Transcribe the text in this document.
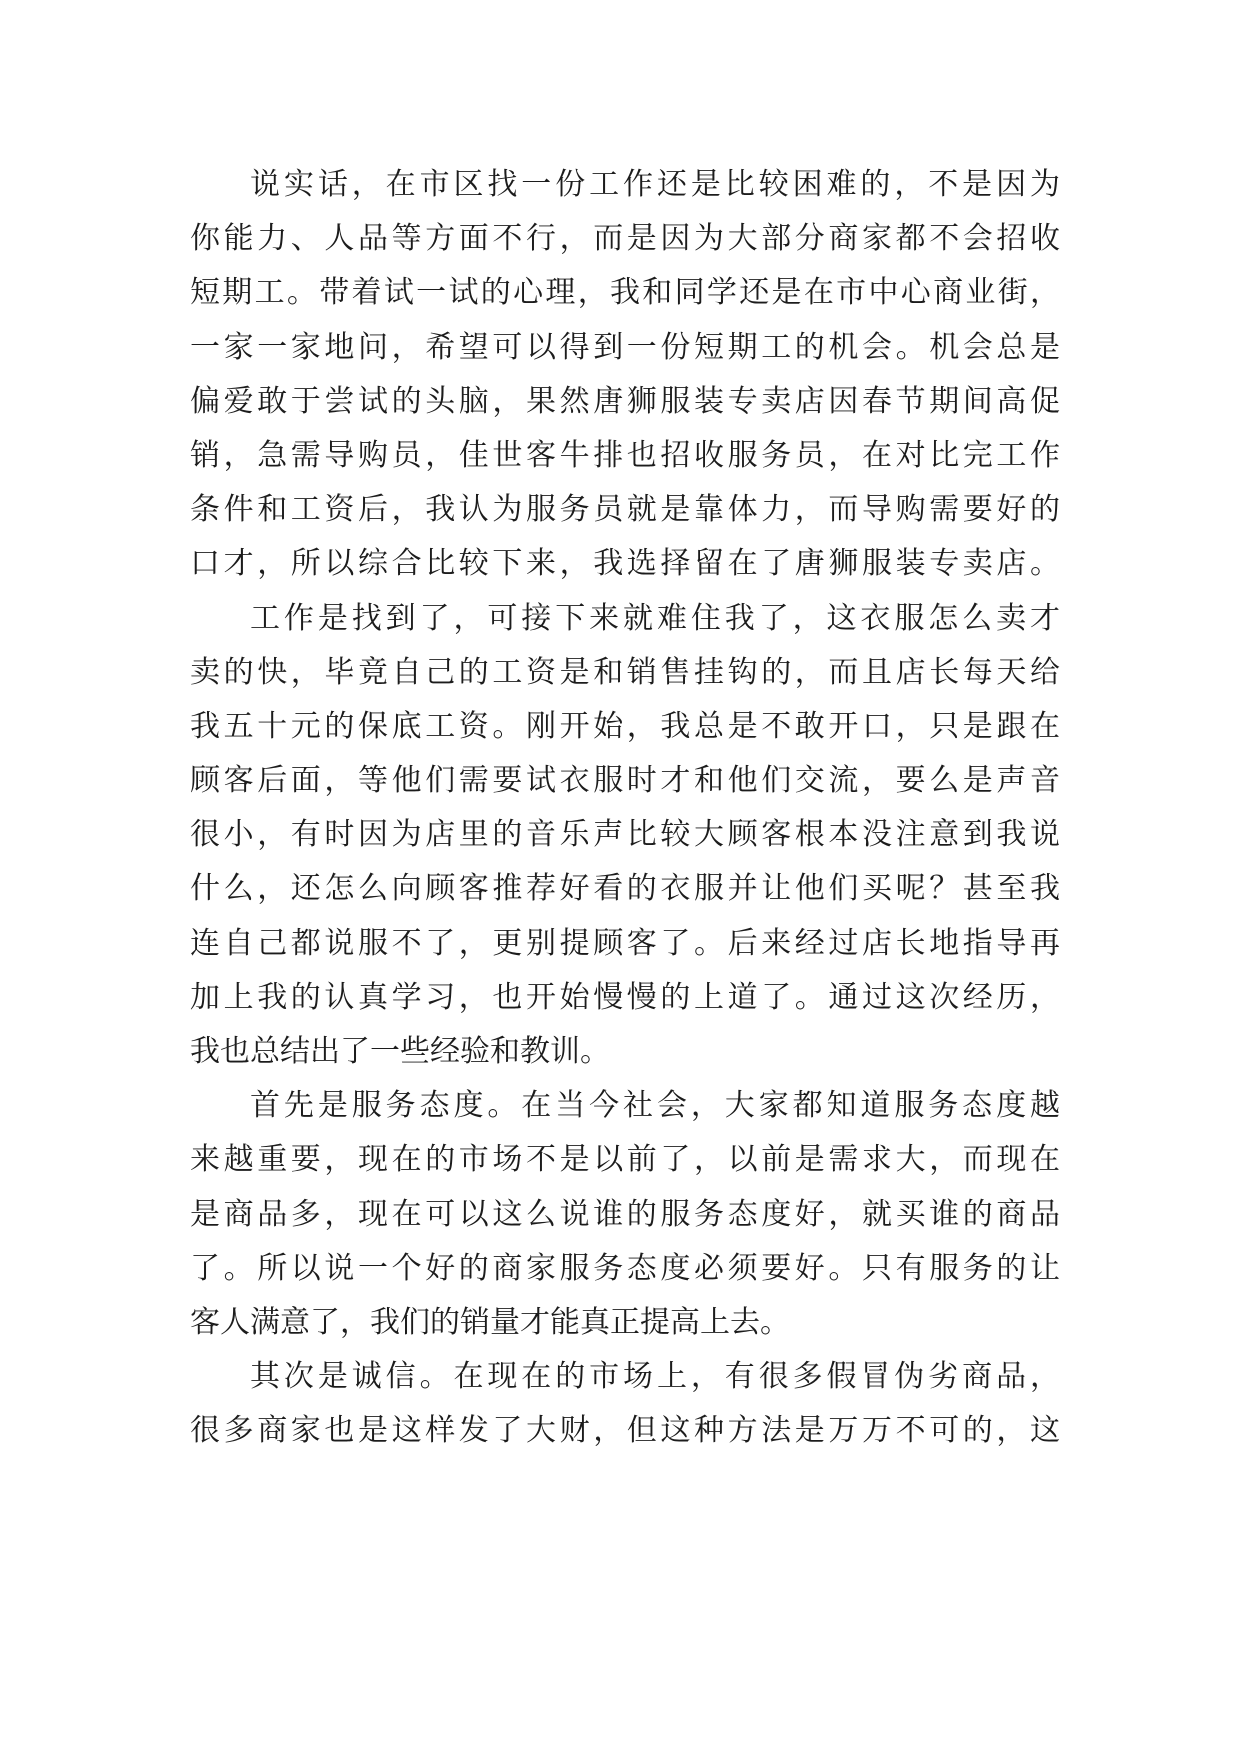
说实话，在市区找一份工作还是比较困难的，不是因为
你能力、人品等方面不行，而是因为大部分商家都不会招收
短期工。带着试一试的心理，我和同学还是在市中心商业街，
一家一家地问，希望可以得到一份短期工的机会。机会总是
偏爱敢于尝试的头脑，果然唐狮服装专卖店因春节期间高促
销，急需导购员，佳世客牛排也招收服务员，在对比完工作
条件和工资后，我认为服务员就是靠体力，而导购需要好的
口才，所以综合比较下来，我选择留在了唐狮服装专卖店。
工作是找到了，可接下来就难住我了，这衣服怎么卖才
卖的快，毕竟自己的工资是和销售挂钩的，而且店长每天给
我五十元的保底工资。刚开始，我总是不敢开口，只是跟在
顾客后面，等他们需要试衣服时才和他们交流，要么是声音
很小，有时因为店里的音乐声比较大顾客根本没注意到我说
什么，还怎么向顾客推荐好看的衣服并让他们买呢？甚至我
连自己都说服不了，更别提顾客了。后来经过店长地指导再
加上我的认真学习，也开始慢慢的上道了。通过这次经历，
我也总结出了一些经验和教训。
首先是服务态度。在当今社会，大家都知道服务态度越
来越重要，现在的市场不是以前了，以前是需求大，而现在
是商品多，现在可以这么说谁的服务态度好，就买谁的商品
了。所以说一个好的商家服务态度必须要好。只有服务的让
客人满意了，我们的销量才能真正提高上去。
其次是诚信。在现在的市场上，有很多假冒伪劣商品，
很多商家也是这样发了大财，但这种方法是万万不可的，这
